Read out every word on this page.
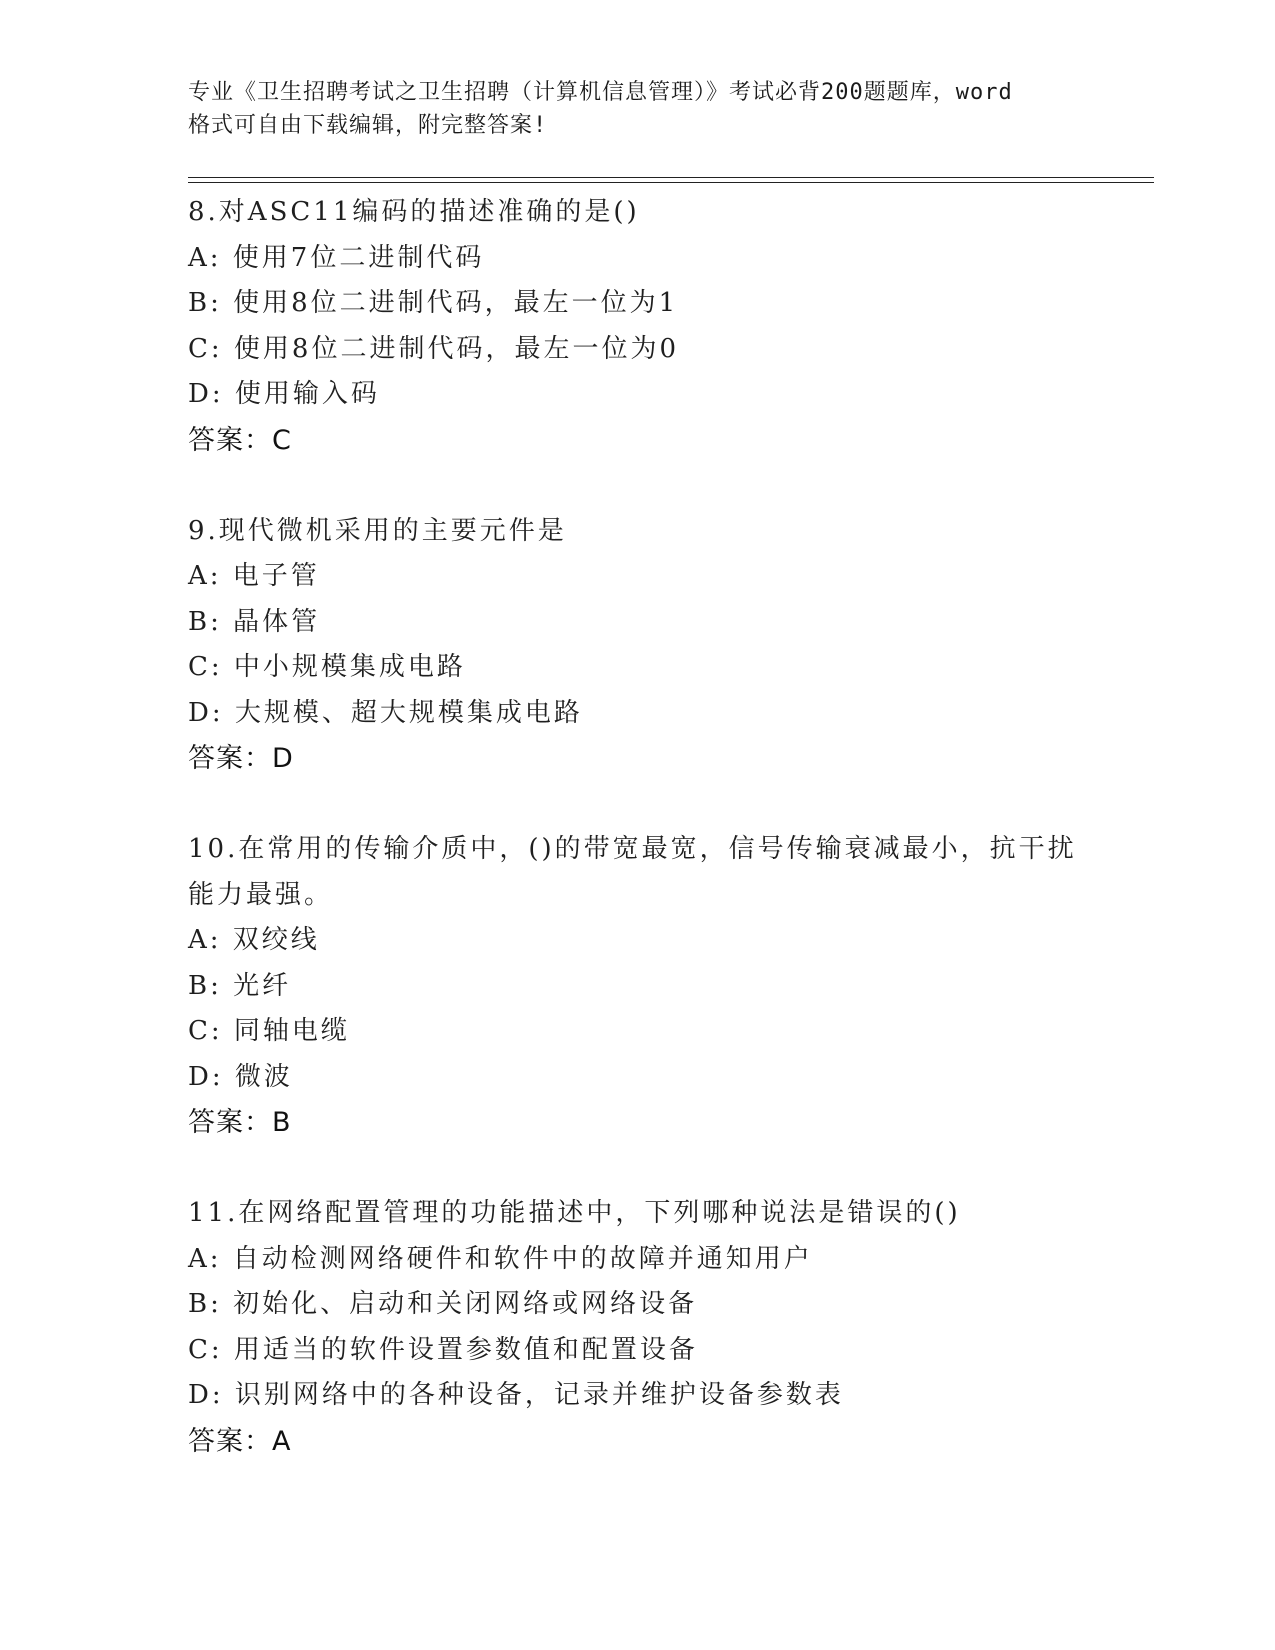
专业《卫生招聘考试之卫生招聘（计算机信息管理）》考试必背200题题库，word
格式可自由下载编辑，附完整答案!
8.对ASC11编码的描述准确的是()
A: 使用7位二进制代码
B: 使用8位二进制代码，最左一位为1
C: 使用8位二进制代码，最左一位为0
D: 使用输入码
答案：C
9.现代微机采用的主要元件是
A: 电子管
B: 晶体管
C: 中小规模集成电路
D: 大规模、超大规模集成电路
答案：D
10.在常用的传输介质中，()的带宽最宽，信号传输衰减最小，抗干扰能力最强。
A: 双绞线
B: 光纤
C: 同轴电缆
D: 微波
答案：B
11.在网络配置管理的功能描述中，下列哪种说法是错误的()
A: 自动检测网络硬件和软件中的故障并通知用户
B: 初始化、启动和关闭网络或网络设备
C: 用适当的软件设置参数值和配置设备
D: 识别网络中的各种设备，记录并维护设备参数表
答案：A
